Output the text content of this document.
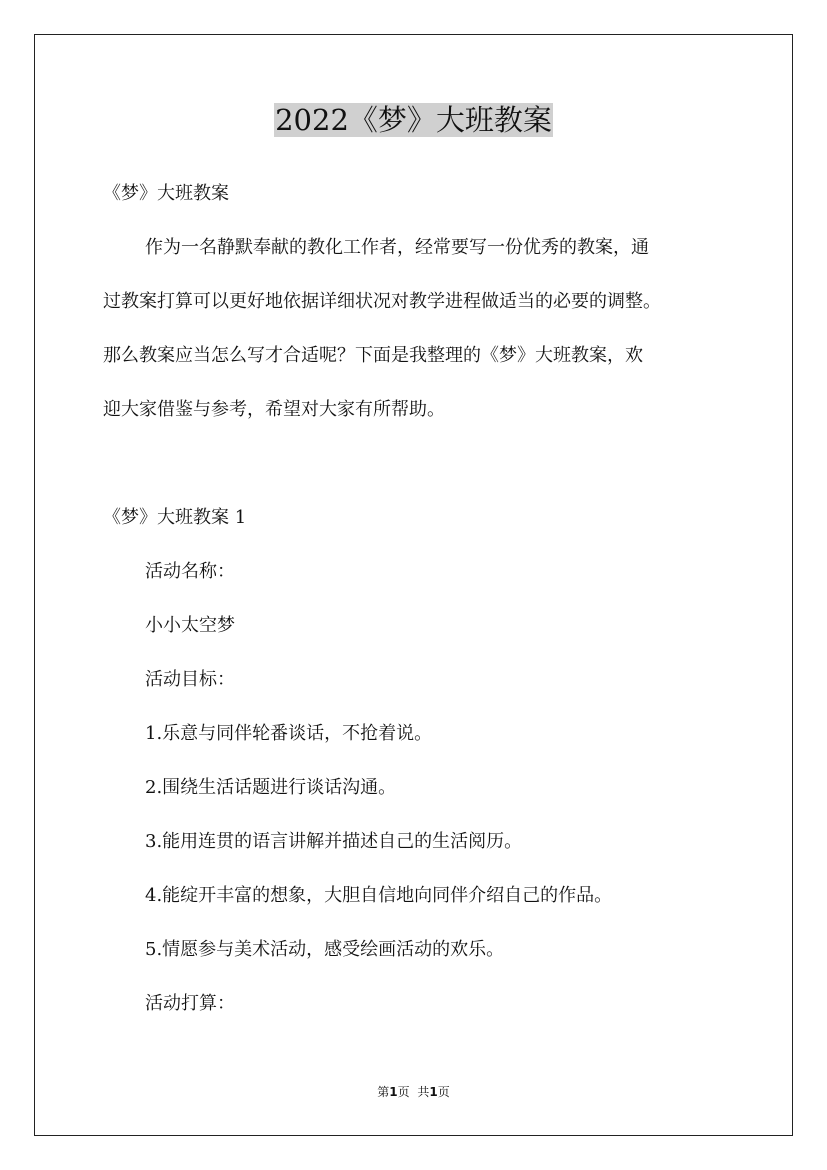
2022《梦》大班教案

《梦》大班教案

作为一名静默奉献的教化工作者，经常要写一份优秀的教案，通

过教案打算可以更好地依据详细状况对教学进程做适当的必要的调整。

那么教案应当怎么写才合适呢？下面是我整理的《梦》大班教案，欢

迎大家借鉴与参考，希望对大家有所帮助。

《梦》大班教案 1

活动名称：

小小太空梦

活动目标：

1.乐意与同伴轮番谈话，不抢着说。

2.围绕生活话题进行谈话沟通。

3.能用连贯的语言讲解并描述自己的生活阅历。

4.能绽开丰富的想象，大胆自信地向同伴介绍自己的作品。

5.情愿参与美术活动，感受绘画活动的欢乐。

活动打算：

第1页 共1页
